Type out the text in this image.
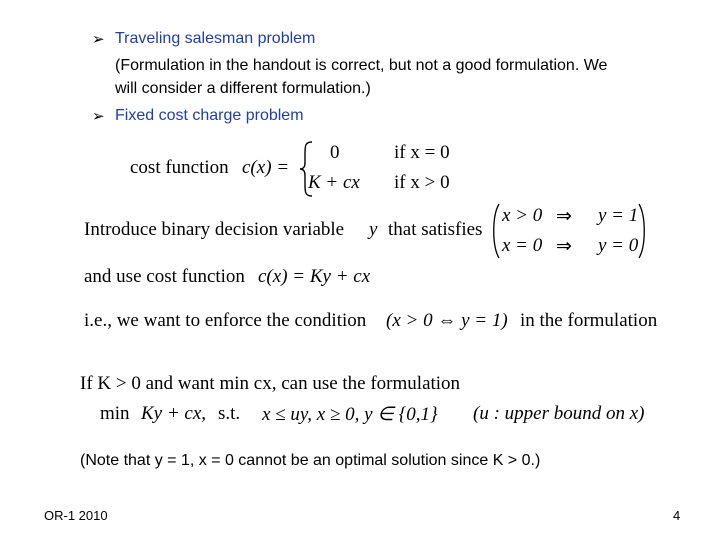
➢ Traveling salesman problem
(Formulation in the handout is correct, but not a good formulation. We
will consider a different formulation.)
➢ Fixed cost charge problem
cost function c(x) =
0	if x = 0
K + cx if x > 0
Introduce binary decision variable y that satisfies
x > 0 ⇒ y = 1
x = 0 ⇒ y = 0
and use cost function c(x) = Ky + cx
i.e., we want to enforce the condition (x > 0 ⇔ y = 1) in the formulation
If K > 0 and want min cx, can use the formulation
min Ky + cx, s.t. x ≤ uy, x ≥ 0, y ∈ {0,1} (u : upper bound on x)
(Note that y = 1, x = 0 cannot be an optimal solution since K > 0.)
OR-1 2010	4
